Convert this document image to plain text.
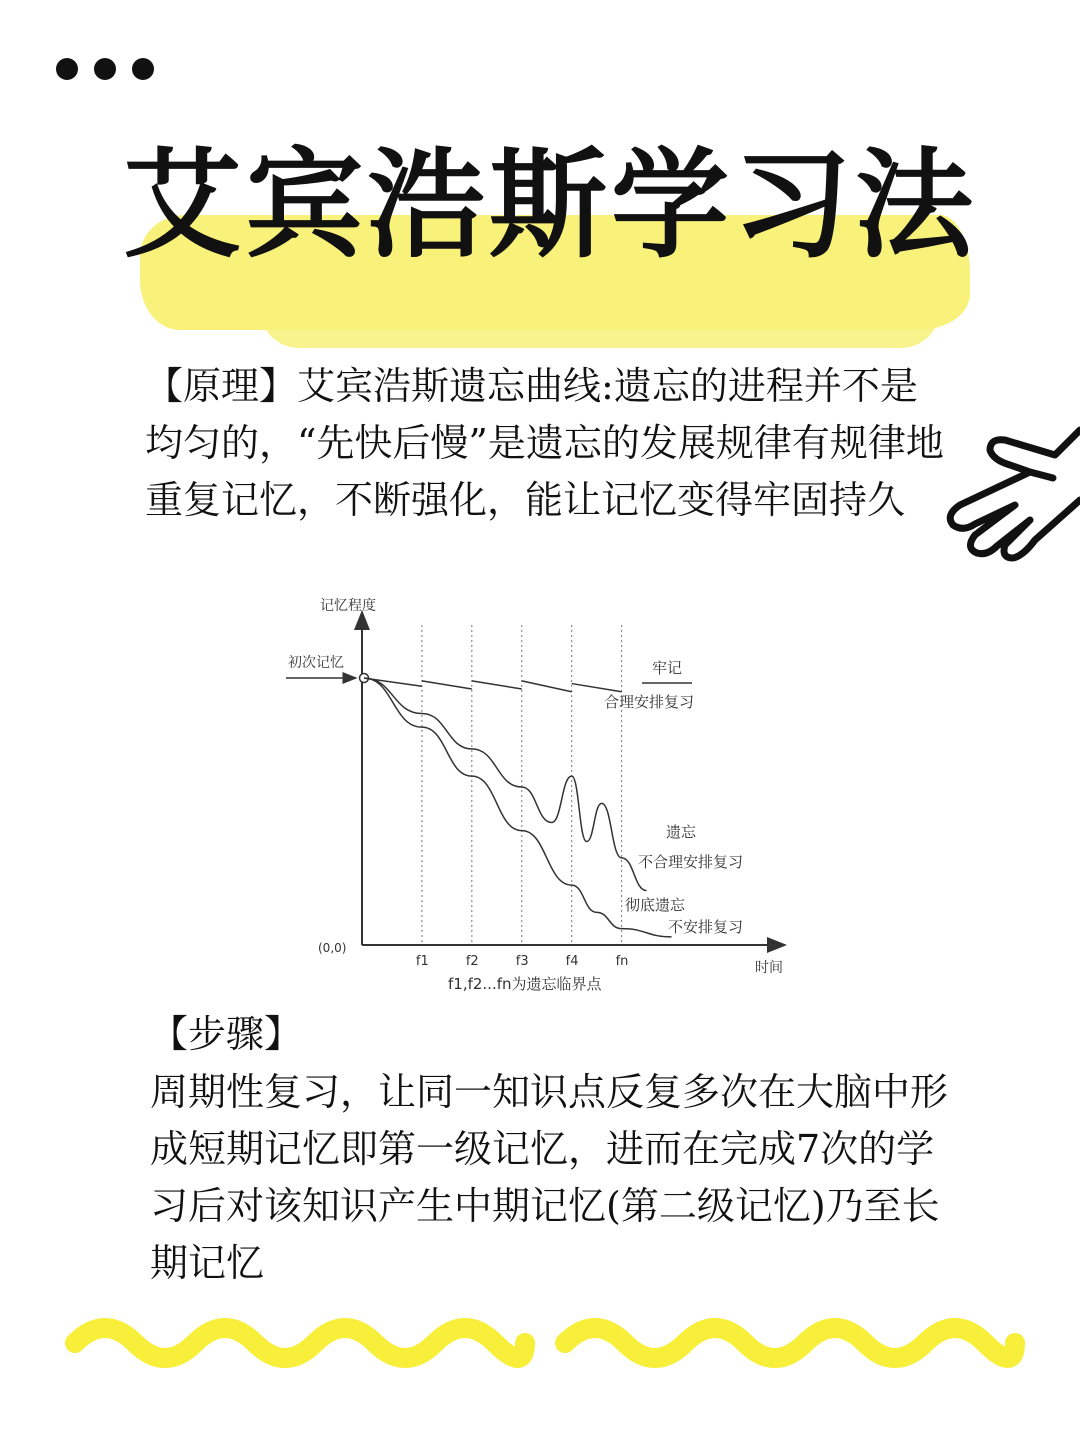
艾宾浩斯学习法
【原理】艾宾浩斯遗忘曲线:遗忘的进程并不是均匀的，“先快后慢”是遗忘的发展规律有规律地重复记忆，不断强化，能让记忆变得牢固持久
f1	f2	f3	f4	fn
记忆程度
初次记忆
(0,0)
时间
f1,f2...fn为遗忘临界点
牢记
合理安排复习
遗忘
不合理安排复习
彻底遗忘
不安排复习
【步骤】
周期性复习，让同一知识点反复多次在大脑中形成短期记忆即第一级记忆，进而在完成7次的学习后对该知识产生中期记忆(第二级记忆)乃至长期记忆
